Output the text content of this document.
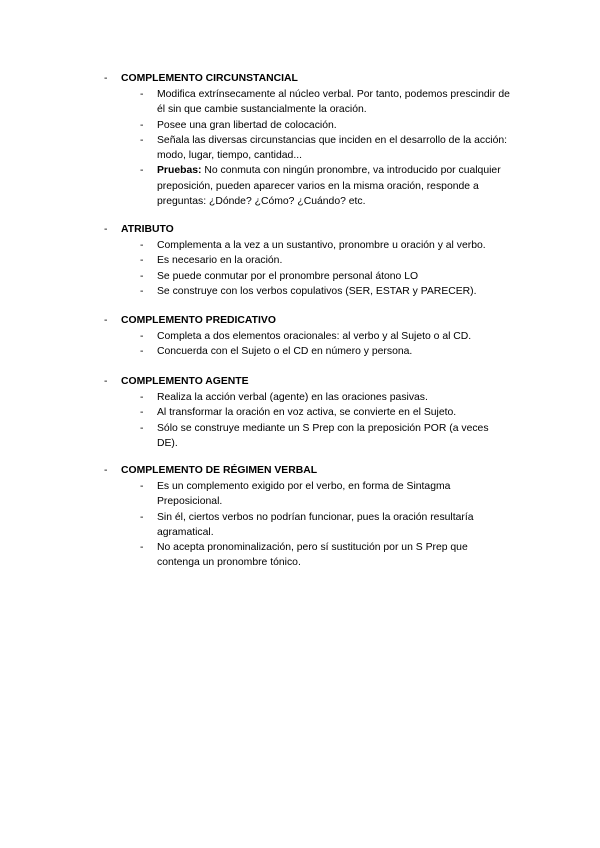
-	COMPLEMENTO CIRCUNSTANCIAL
- Modifica extrínsecamente al núcleo verbal. Por tanto, podemos prescindir de él sin que cambie sustancialmente la oración.
- Posee una gran libertad de colocación.
- Señala las diversas circunstancias que inciden en el desarrollo de la acción: modo, lugar, tiempo, cantidad...
- Pruebas: No conmuta con ningún pronombre, va introducido por cualquier preposición, pueden aparecer varios en la misma oración, responde a preguntas: ¿Dónde? ¿Cómo? ¿Cuándo? etc.
-	ATRIBUTO
- Complementa a la vez a un sustantivo, pronombre u oración y al verbo.
- Es necesario en la oración.
- Se puede conmutar por el pronombre personal átono LO
- Se construye con los verbos copulativos (SER, ESTAR y PARECER).
-	COMPLEMENTO PREDICATIVO
- Completa a dos elementos oracionales: al verbo y al Sujeto o al CD.
- Concuerda con el Sujeto o el CD en número y persona.
-	COMPLEMENTO AGENTE
- Realiza la acción verbal (agente) en las oraciones pasivas.
- Al transformar la oración en voz activa, se convierte en el Sujeto.
- Sólo se construye mediante un S Prep con la preposición POR (a veces DE).
-	COMPLEMENTO DE RÉGIMEN VERBAL
- Es un complemento exigido por el verbo, en forma de Sintagma Preposicional.
- Sin él, ciertos verbos no podrían funcionar, pues la oración resultaría agramatical.
- No acepta pronominalización, pero sí sustitución por un S Prep que contenga un pronombre tónico.
